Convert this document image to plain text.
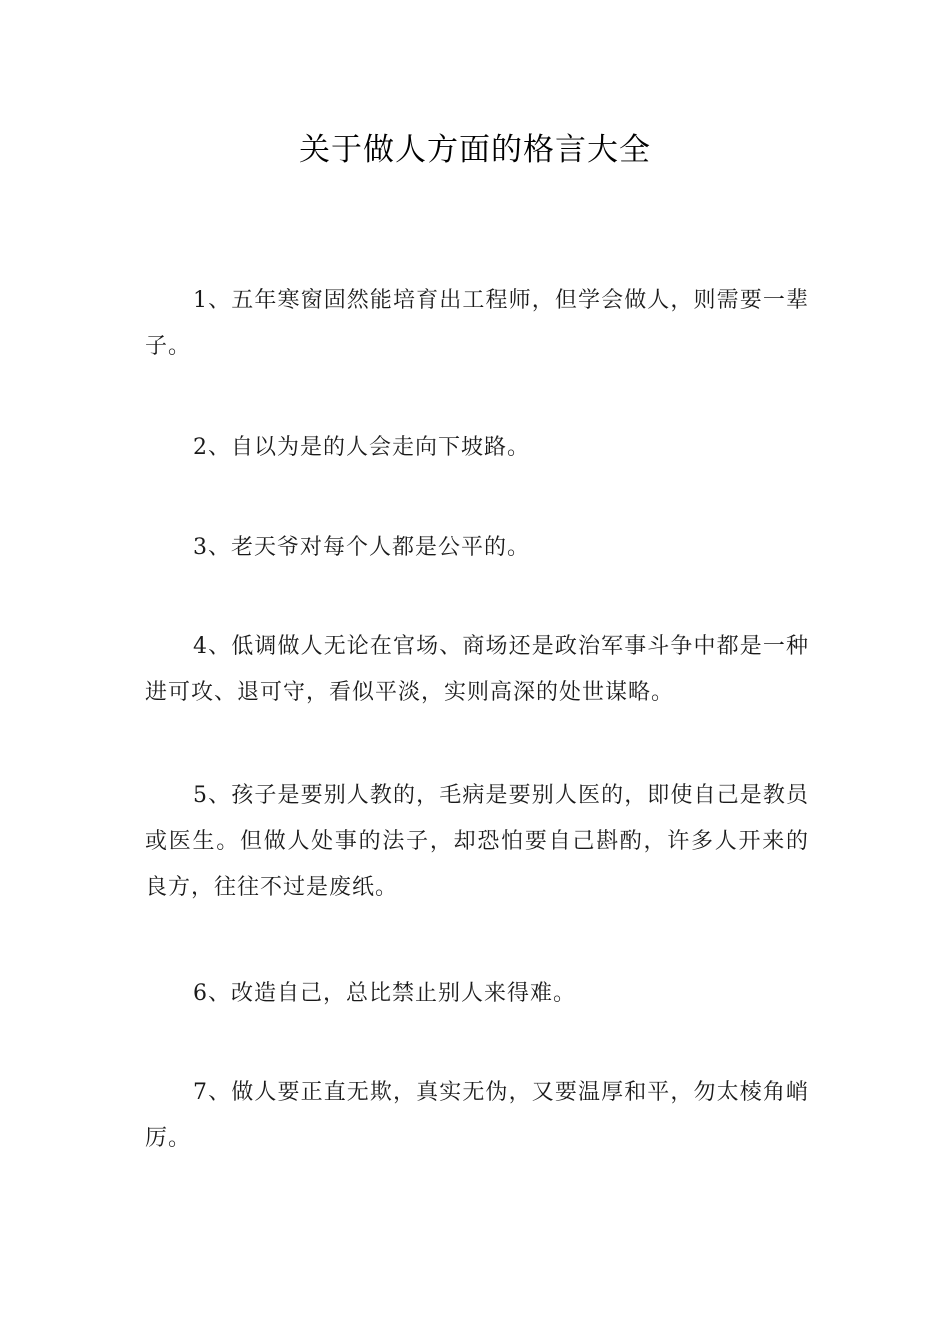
关于做人方面的格言大全

1、五年寒窗固然能培育出工程师，但学会做人，则需要一辈子。

2、自以为是的人会走向下坡路。

3、老天爷对每个人都是公平的。

4、低调做人无论在官场、商场还是政治军事斗争中都是一种进可攻、退可守，看似平淡，实则高深的处世谋略。

5、孩子是要别人教的，毛病是要别人医的，即使自己是教员或医生。但做人处事的法子，却恐怕要自己斟酌，许多人开来的良方，往往不过是废纸。

6、改造自己，总比禁止别人来得难。

7、做人要正直无欺，真实无伪，又要温厚和平，勿太棱角峭厉。
